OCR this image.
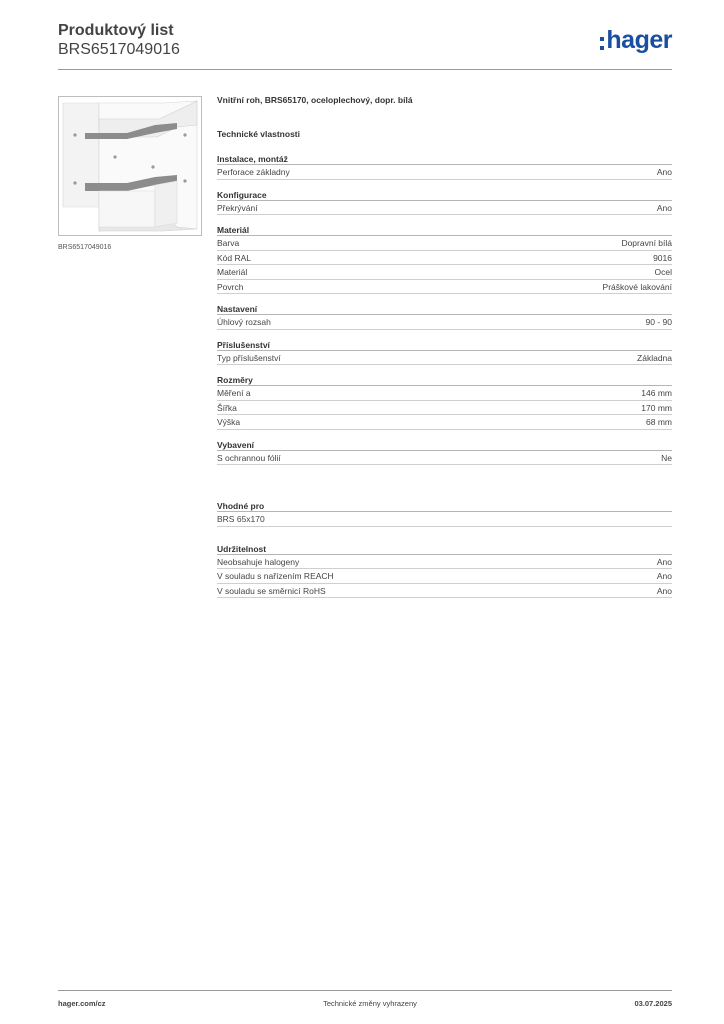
Produktový list
BRS6517049016	hager
BRS6517049016
Vnitřní roh, BRS65170, oceloplechový, dopr. bílá
Technické vlastnosti
Instalace, montáž
Perforace základny	Ano
Konfigurace
Překrývání	Ano
Materiál
Barva	Dopravní bílá
Kód RAL	9016
Materiál	Ocel
Povrch	Práškové lakování
Nastavení
Úhlový rozsah	90 - 90
Příslušenství
Typ příslušenství	Základna
Rozměry
Měření a	146 mm
Šířka	170 mm
Výška	68 mm
Vybavení
S ochrannou fólií	Ne
Vhodné pro
BRS 65x170
Udržitelnost
Neobsahuje halogeny	Ano
V souladu s nařízením REACH	Ano
V souladu se směrnicí RoHS	Ano
hager.com/cz	Technické změny vyhrazeny	03.07.2025
